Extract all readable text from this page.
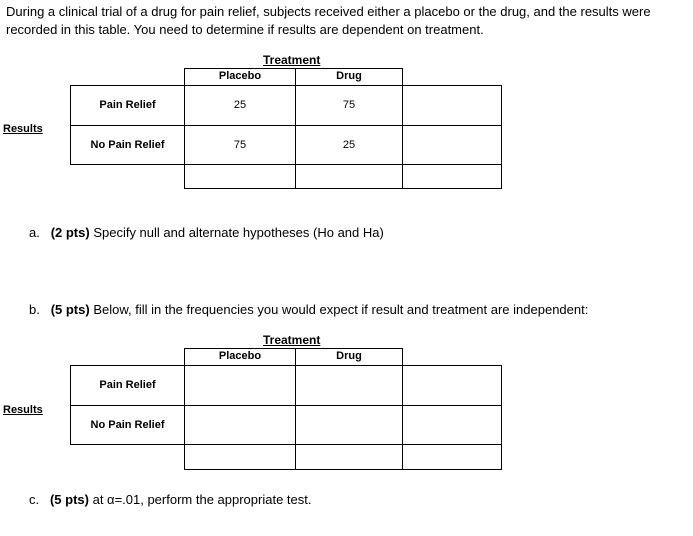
During a clinical trial of a drug for pain relief, subjects received either a placebo or the drug, and the results were recorded in this table. You need to determine if results are dependent on treatment.
Treatment
Placebo	Drug
Results
Pain Relief	25	75
No Pain Relief	75	25
a. (2 pts) Specify null and alternate hypotheses (Ho and Ha)
b. (5 pts) Below, fill in the frequencies you would expect if result and treatment are independent:
Treatment
Placebo	Drug
Results
Pain Relief
No Pain Relief
c. (5 pts) at α=.01, perform the appropriate test.
